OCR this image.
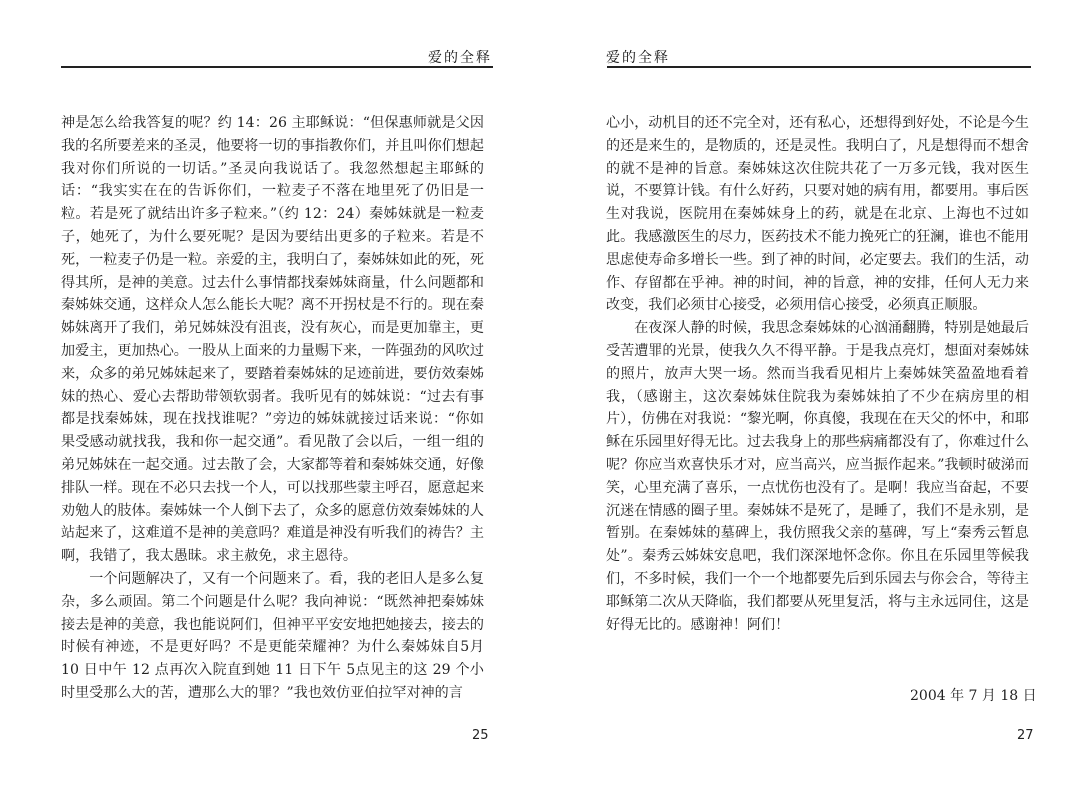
爱的全释

神是怎么给我答复的呢？约 14：26 主耶稣说：“但保惠师就是父因我的名所要差来的圣灵，他要将一切的事指教你们，并且叫你们想起我对你们所说的一切话。”圣灵向我说话了。我忽然想起主耶稣的话：“我实实在在的告诉你们，一粒麦子不落在地里死了仍旧是一粒。若是死了就结出许多子粒来。”（约 12：24）秦姊妹就是一粒麦子，她死了，为什么要死呢？是因为要结出更多的子粒来。若是不死，一粒麦子仍是一粒。亲爱的主，我明白了，秦姊妹如此的死，死得其所，是神的美意。过去什么事情都找秦姊妹商量，什么问题都和秦姊妹交通，这样众人怎么能长大呢？离不开拐杖是不行的。现在秦姊妹离开了我们，弟兄姊妹没有沮丧，没有灰心，而是更加靠主，更加爱主，更加热心。一股从上面来的力量赐下来，一阵强劲的风吹过来，众多的弟兄姊妹起来了，要踏着秦姊妹的足迹前进，要仿效秦姊妹的热心、爱心去帮助带领软弱者。我听见有的姊妹说：“过去有事都是找秦姊妹，现在找找谁呢？”旁边的姊妹就接过话来说：“你如果受感动就找我，我和你一起交通”。看见散了会以后，一组一组的弟兄姊妹在一起交通。过去散了会，大家都等着和秦姊妹交通，好像排队一样。现在不必只去找一个人，可以找那些蒙主呼召，愿意起来劝勉人的肢体。秦姊妹一个人倒下去了，众多的愿意仿效秦姊妹的人站起来了，这难道不是神的美意吗？难道是神没有听我们的祷告？主啊，我错了，我太愚昧。求主赦免，求主恩待。

一个问题解决了，又有一个问题来了。看，我的老旧人是多么复杂，多么顽固。第二个问题是什么呢？我向神说：“既然神把秦姊妹接去是神的美意，我也能说阿们，但神平平安安地把她接去，接去的时候有神迹，不是更好吗？不是更能荣耀神？为什么秦姊妹自5月 10 日中午 12 点再次入院直到她 11 日下午 5点见主的这 29 个小时里受那么大的苦，遭那么大的罪？”我也效仿亚伯拉罕对神的言

25
爱的全释

心小，动机目的还不完全对，还有私心，还想得到好处，不论是今生的还是来生的，是物质的，还是灵性。我明白了，凡是想得而不想舍的就不是神的旨意。秦姊妹这次住院共花了一万多元钱，我对医生说，不要算计钱。有什么好药，只要对她的病有用，都要用。事后医生对我说，医院用在秦姊妹身上的药，就是在北京、上海也不过如此。我感激医生的尽力，医药技术不能力挽死亡的狂澜，谁也不能用思虑使寿命多增长一些。到了神的时间，必定要去。我们的生活，动作、存留都在乎神。神的时间，神的旨意，神的安排，任何人无力来改变，我们必须甘心接受，必须用信心接受，必须真正顺服。

在夜深人静的时候，我思念秦姊妹的心汹涌翻腾，特别是她最后受苦遭罪的光景，使我久久不得平静。于是我点亮灯，想面对秦姊妹的照片，放声大哭一场。然而当我看见相片上秦姊妹笑盈盈地看着我，（感谢主，这次秦姊妹住院我为秦姊妹拍了不少在病房里的相片），仿佛在对我说：“黎光啊，你真傻，我现在在天父的怀中，和耶稣在乐园里好得无比。过去我身上的那些病痛都没有了，你难过什么呢？你应当欢喜快乐才对，应当高兴，应当振作起来。”我顿时破涕而笑，心里充满了喜乐，一点忧伤也没有了。是啊！我应当奋起，不要沉迷在情感的圈子里。秦姊妹不是死了，是睡了，我们不是永别，是暂别。在秦姊妹的墓碑上，我仿照我父亲的墓碑，写上“秦秀云暂息处”。秦秀云姊妹安息吧，我们深深地怀念你。你且在乐园里等候我们，不多时候，我们一个一个地都要先后到乐园去与你会合，等待主耶稣第二次从天降临，我们都要从死里复活，将与主永远同住，这是好得无比的。感谢神！阿们！

2004 年 7 月 18 日
27
